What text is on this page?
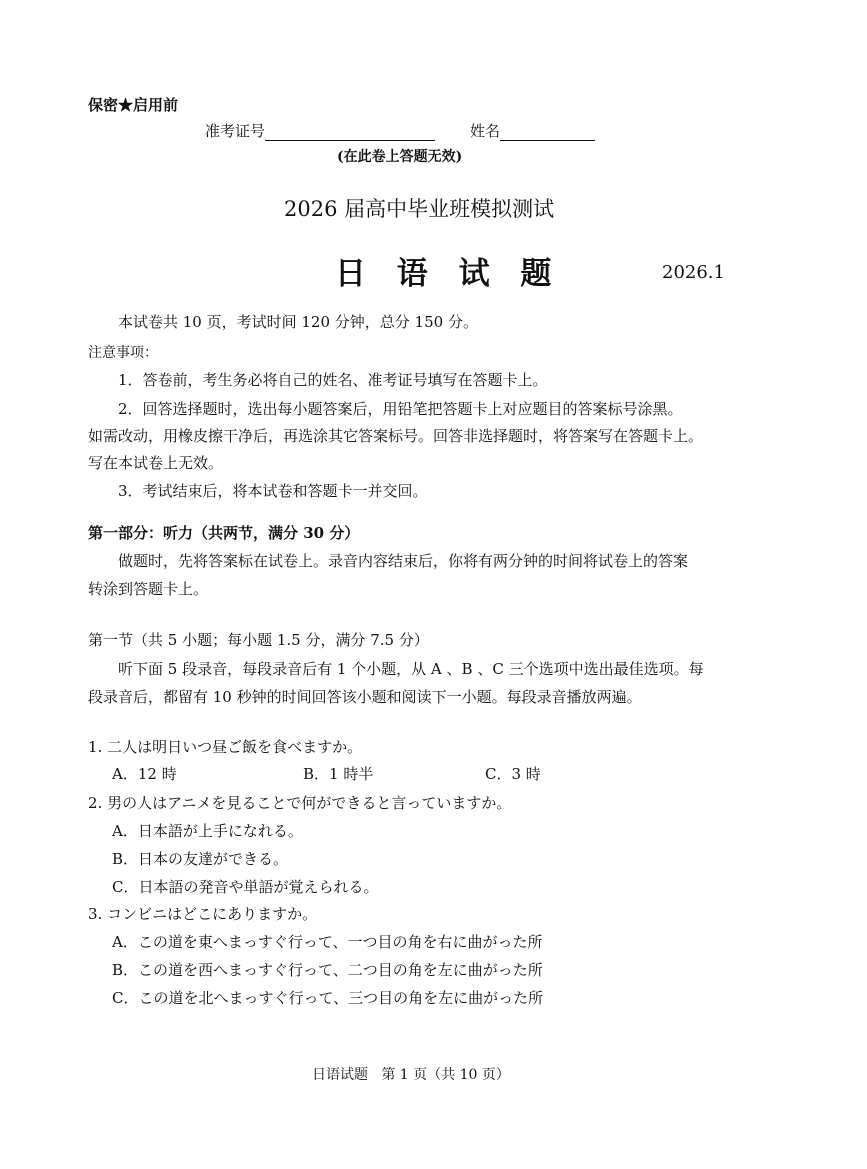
保密★启用前
准考证号	姓名
(在此卷上答题无效)
2026 届高中毕业班模拟测试
日 语 试 题	2026.1
本试卷共 10 页，考试时间 120 分钟，总分 150 分。
注意事项：
1．答卷前，考生务必将自己的姓名、准考证号填写在答题卡上。
2．回答选择题时，选出每小题答案后，用铅笔把答题卡上对应题目的答案标号涂黑。
如需改动，用橡皮擦干净后，再选涂其它答案标号。回答非选择题时，将答案写在答题卡上。
写在本试卷上无效。
3．考试结束后，将本试卷和答题卡一并交回。
第一部分：听力（共两节，满分 30 分）
做题时，先将答案标在试卷上。录音内容结束后，你将有两分钟的时间将试卷上的答案
转涂到答题卡上。
第一节（共 5 小题；每小题 1.5 分，满分 7.5 分）
听下面 5 段录音，每段录音后有 1 个小题，从 A 、B 、C 三个选项中选出最佳选项。每
段录音后，都留有 10 秒钟的时间回答该小题和阅读下一小题。每段录音播放两遍。
1. 二人は明日いつ昼ご飯を食べますか。
A．12 時	B．1 時半	C．3 時
2. 男の人はアニメを見ることで何ができると言っていますか。
A．日本語が上手になれる。
B．日本の友達ができる。
C．日本語の発音や単語が覚えられる。
3. コンビニはどこにありますか。
A．この道を東へまっすぐ行って、一つ目の角を右に曲がった所
B．この道を西へまっすぐ行って、二つ目の角を左に曲がった所
C．この道を北へまっすぐ行って、三つ目の角を左に曲がった所
日语试题   第 1 页（共 10 页）
